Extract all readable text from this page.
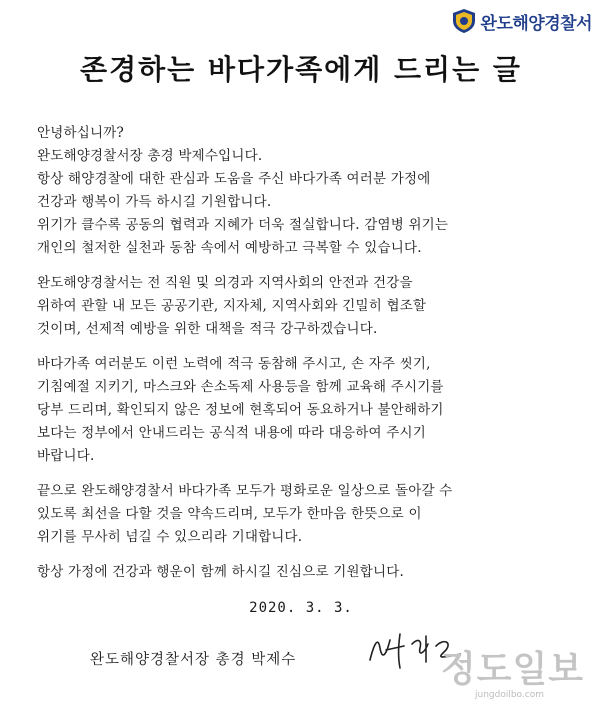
완도해양경찰서
존경하는 바다가족에게 드리는 글
안녕하십니까?
완도해양경찰서장 총경 박제수입니다.
항상 해양경찰에 대한 관심과 도움을 주신 바다가족 여러분 가정에
건강과 행복이 가득 하시길 기원합니다.
위기가 클수록 공동의 협력과 지혜가 더욱 절실합니다. 감염병 위기는
개인의 철저한 실천과 동참 속에서 예방하고 극복할 수 있습니다.
완도해양경찰서는 전 직원 및 의경과 지역사회의 안전과 건강을
위하여 관할 내 모든 공공기관, 지자체, 지역사회와 긴밀히 협조할
것이며, 선제적 예방을 위한 대책을 적극 강구하겠습니다.
바다가족 여러분도 이런 노력에 적극 동참해 주시고, 손 자주 씻기,
기침예절 지키기, 마스크와 손소독제 사용등을 함께 교육해 주시기를
당부 드리며, 확인되지 않은 정보에 현혹되어 동요하거나 불안해하기
보다는 정부에서 안내드리는 공식적 내용에 따라 대응하여 주시기
바랍니다.
끝으로 완도해양경찰서 바다가족 모두가 평화로운 일상으로 돌아갈 수
있도록 최선을 다할 것을 약속드리며, 모두가 한마음 한뜻으로 이
위기를 무사히 넘길 수 있으리라 기대합니다.
항상 가정에 건강과 행운이 함께 하시길 진심으로 기원합니다.
2020. 3. 3.
완도해양경찰서장 총경 박제수	정도일보
jungdoilbo.com
